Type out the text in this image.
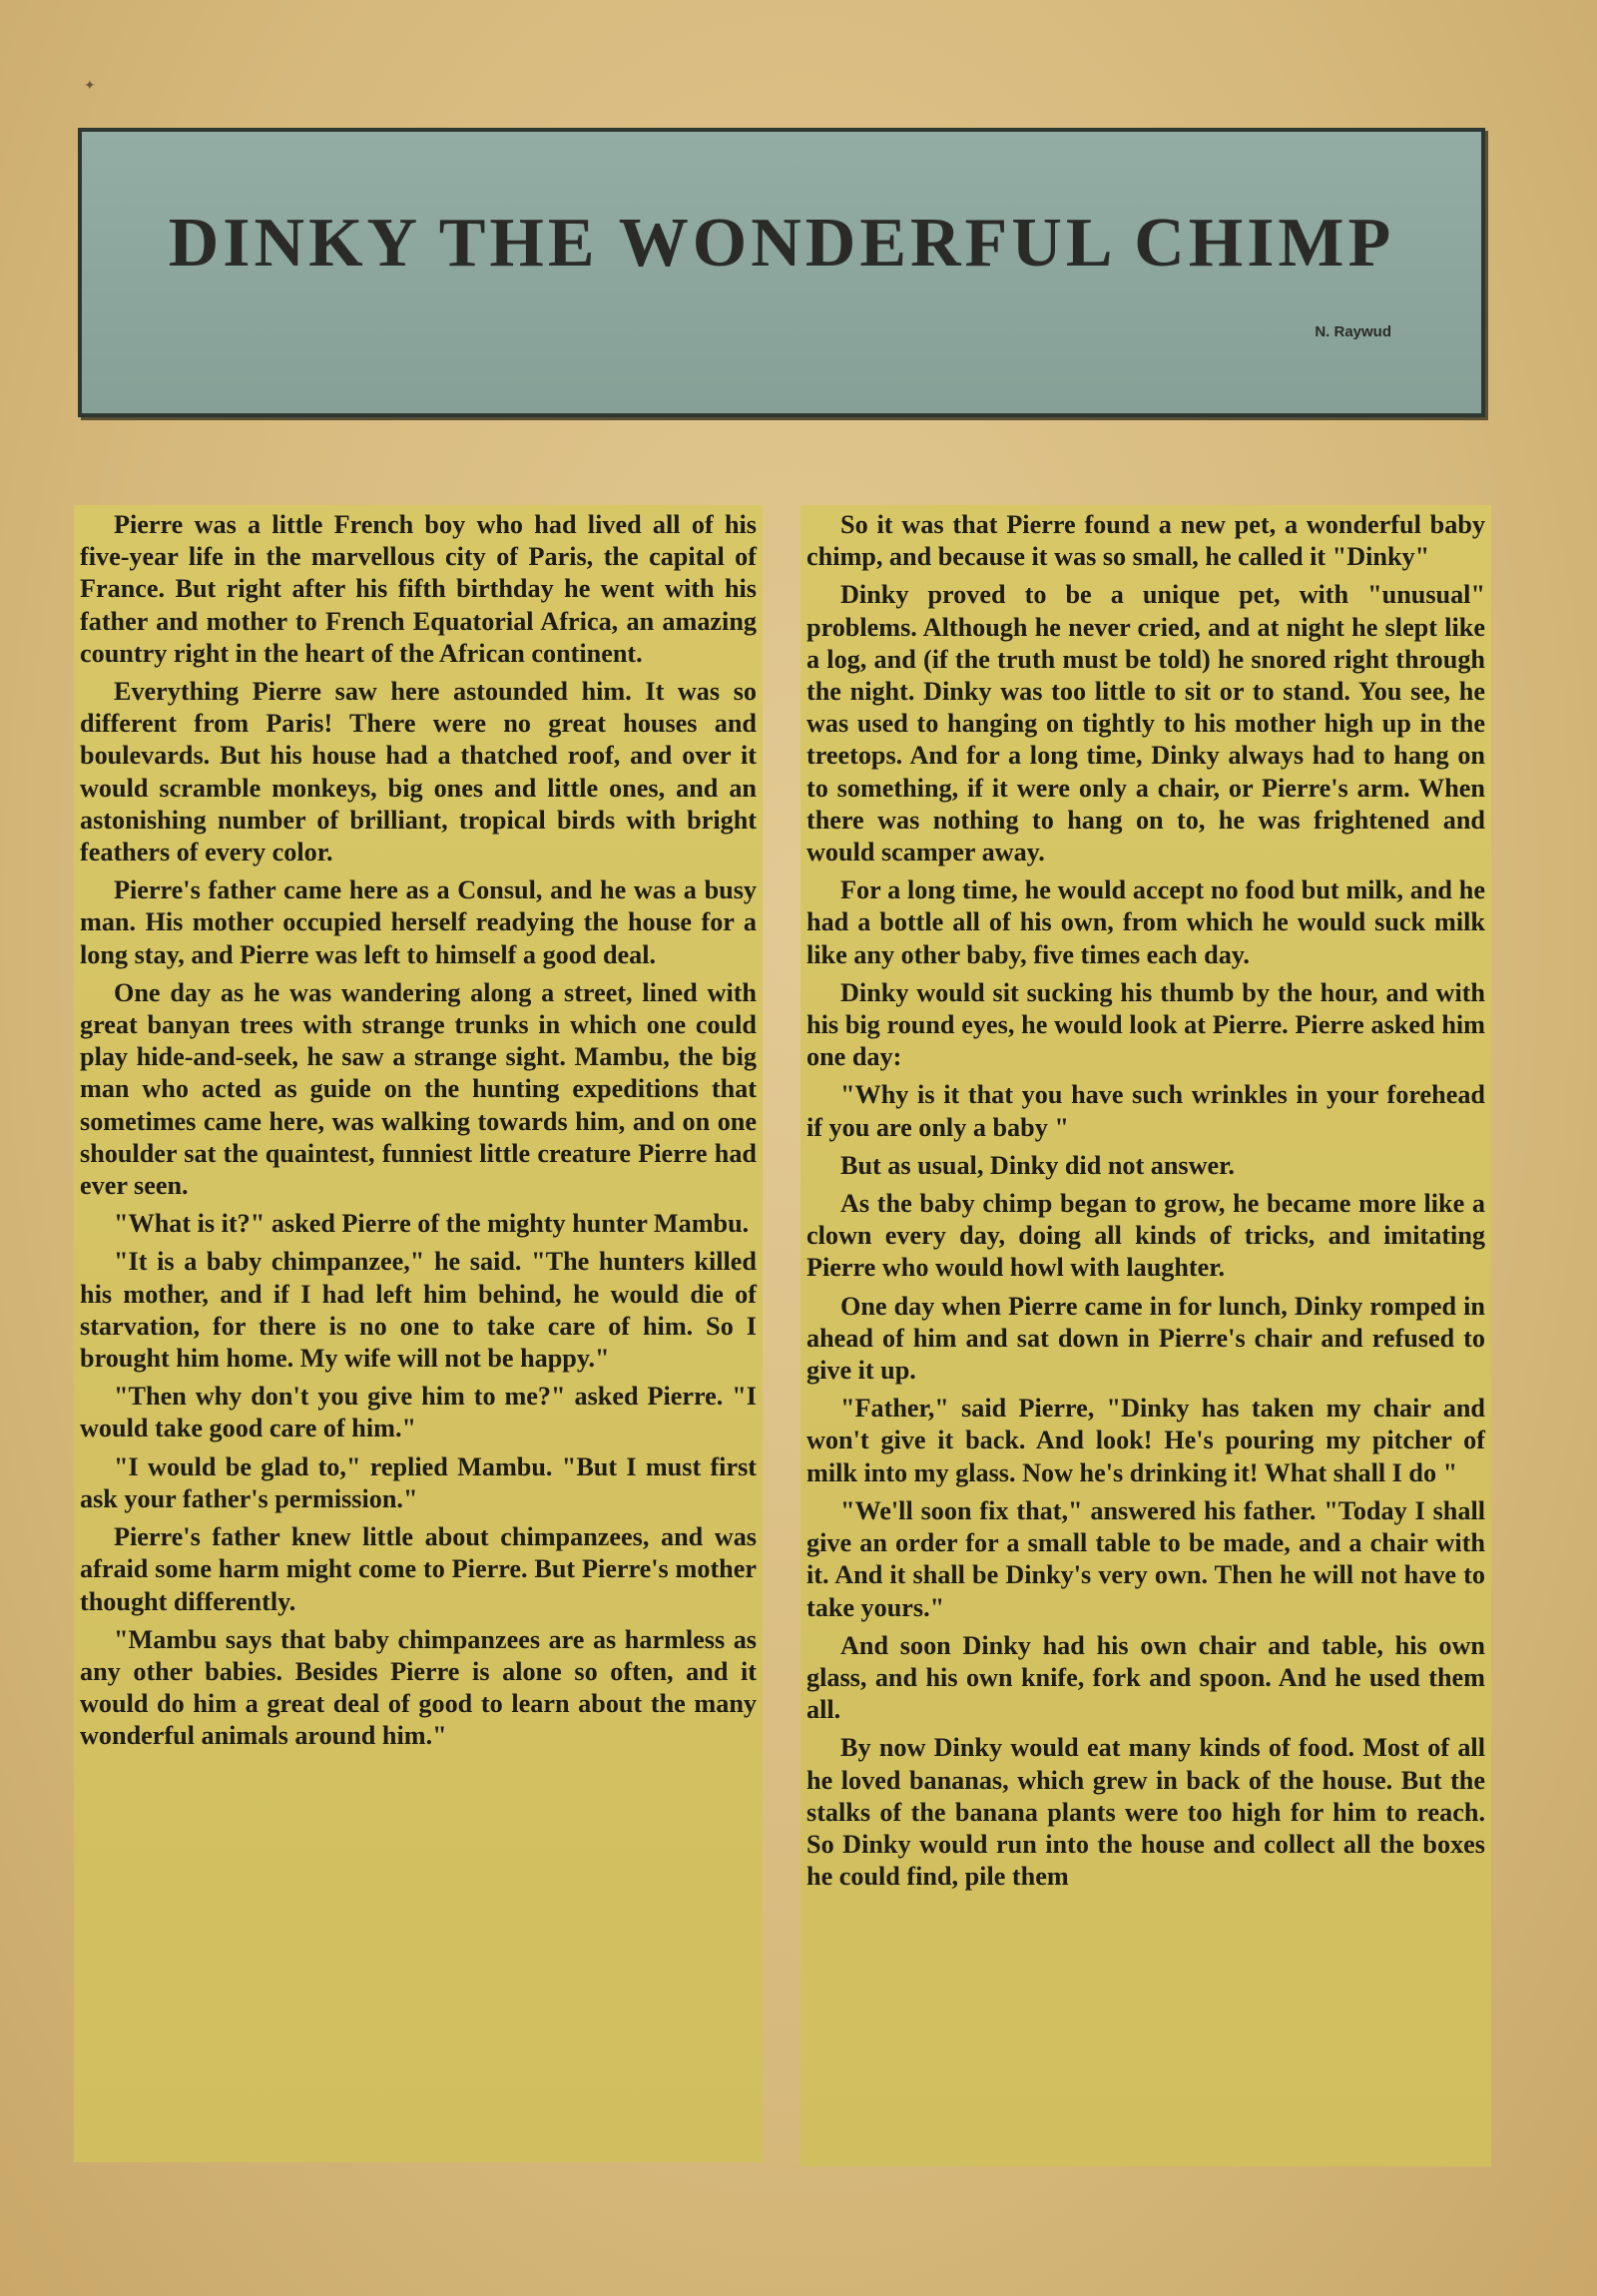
✦
DINKY THE WONDERFUL CHIMP
N. Raywud

Pierre was a little French boy who had lived all of his five-year life in the marvellous city of Paris, the capital of France. But right after his fifth birthday he went with his father and mother to French Equatorial Africa, an amazing country right in the heart of the African continent.

Everything Pierre saw here astounded him. It was so different from Paris! There were no great houses and boulevards. But his house had a thatched roof, and over it would scramble monkeys, big ones and little ones, and an astonishing number of brilliant, tropical birds with bright feathers of every color.

Pierre's father came here as a Consul, and he was a busy man. His mother occupied herself readying the house for a long stay, and Pierre was left to himself a good deal.

One day as he was wandering along a street, lined with great banyan trees with strange trunks in which one could play hide-and-seek, he saw a strange sight. Mambu, the big man who acted as guide on the hunting expeditions that sometimes came here, was walking towards him, and on one shoulder sat the quaintest, funniest little creature Pierre had ever seen.

"What is it?" asked Pierre of the mighty hunter Mambu.

"It is a baby chimpanzee," he said. "The hunters killed his mother, and if I had left him behind, he would die of starvation, for there is no one to take care of him. So I brought him home. My wife will not be happy."

"Then why don't you give him to me?" asked Pierre. "I would take good care of him."

"I would be glad to," replied Mambu. "But I must first ask your father's permission."

Pierre's father knew little about chimpanzees, and was afraid some harm might come to Pierre. But Pierre's mother thought differently.

"Mambu says that baby chimpanzees are as harmless as any other babies. Besides Pierre is alone so often, and it would do him a great deal of good to learn about the many wonderful animals around him."

So it was that Pierre found a new pet, a wonderful baby chimp, and because it was so small, he called it "Dinky"

Dinky proved to be a unique pet, with "unusual" problems. Although he never cried, and at night he slept like a log, and (if the truth must be told) he snored right through the night. Dinky was too little to sit or to stand. You see, he was used to hanging on tightly to his mother high up in the treetops. And for a long time, Dinky always had to hang on to something, if it were only a chair, or Pierre's arm. When there was nothing to hang on to, he was frightened and would scamper away.

For a long time, he would accept no food but milk, and he had a bottle all of his own, from which he would suck milk like any other baby, five times each day.

Dinky would sit sucking his thumb by the hour, and with his big round eyes, he would look at Pierre. Pierre asked him one day:

"Why is it that you have such wrinkles in your forehead if you are only a baby "

But as usual, Dinky did not answer.

As the baby chimp began to grow, he became more like a clown every day, doing all kinds of tricks, and imitating Pierre who would howl with laughter.

One day when Pierre came in for lunch, Dinky romped in ahead of him and sat down in Pierre's chair and refused to give it up.

"Father," said Pierre, "Dinky has taken my chair and won't give it back. And look! He's pouring my pitcher of milk into my glass. Now he's drinking it! What shall I do "

"We'll soon fix that," answered his father. "Today I shall give an order for a small table to be made, and a chair with it. And it shall be Dinky's very own. Then he will not have to take yours."

And soon Dinky had his own chair and table, his own glass, and his own knife, fork and spoon. And he used them all.

By now Dinky would eat many kinds of food. Most of all he loved bananas, which grew in back of the house. But the stalks of the banana plants were too high for him to reach. So Dinky would run into the house and collect all the boxes he could find, pile them
